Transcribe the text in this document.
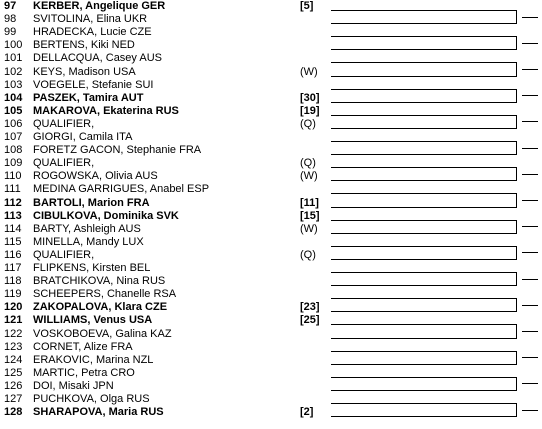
97 KERBER, Angelique GER	[5]
98 SVITOLINA, Elina UKR
99 HRADECKA, Lucie CZE
100 BERTENS, Kiki NED
101 DELLACQUA, Casey AUS
102 KEYS, Madison USA	(W)
103 VOEGELE, Stefanie SUI
104 PASZEK, Tamira AUT	[30]
105 MAKAROVA, Ekaterina RUS	[19]
106 QUALIFIER,	(Q)
107 GIORGI, Camila ITA
108 FORETZ GACON, Stephanie FRA
109 QUALIFIER,	(Q)
110 ROGOWSKA, Olivia AUS	(W)
111 MEDINA GARRIGUES, Anabel ESP
112 BARTOLI, Marion FRA	[11]
113 CIBULKOVA, Dominika SVK	[15]
114 BARTY, Ashleigh AUS	(W)
115 MINELLA, Mandy LUX
116 QUALIFIER,	(Q)
117 FLIPKENS, Kirsten BEL
118 BRATCHIKOVA, Nina RUS
119 SCHEEPERS, Chanelle RSA
120 ZAKOPALOVA, Klara CZE	[23]
121 WILLIAMS, Venus USA	[25]
122 VOSKOBOEVA, Galina KAZ
123 CORNET, Alize FRA
124 ERAKOVIC, Marina NZL
125 MARTIC, Petra CRO
126 DOI, Misaki JPN
127 PUCHKOVA, Olga RUS
128 SHARAPOVA, Maria RUS	[2]
